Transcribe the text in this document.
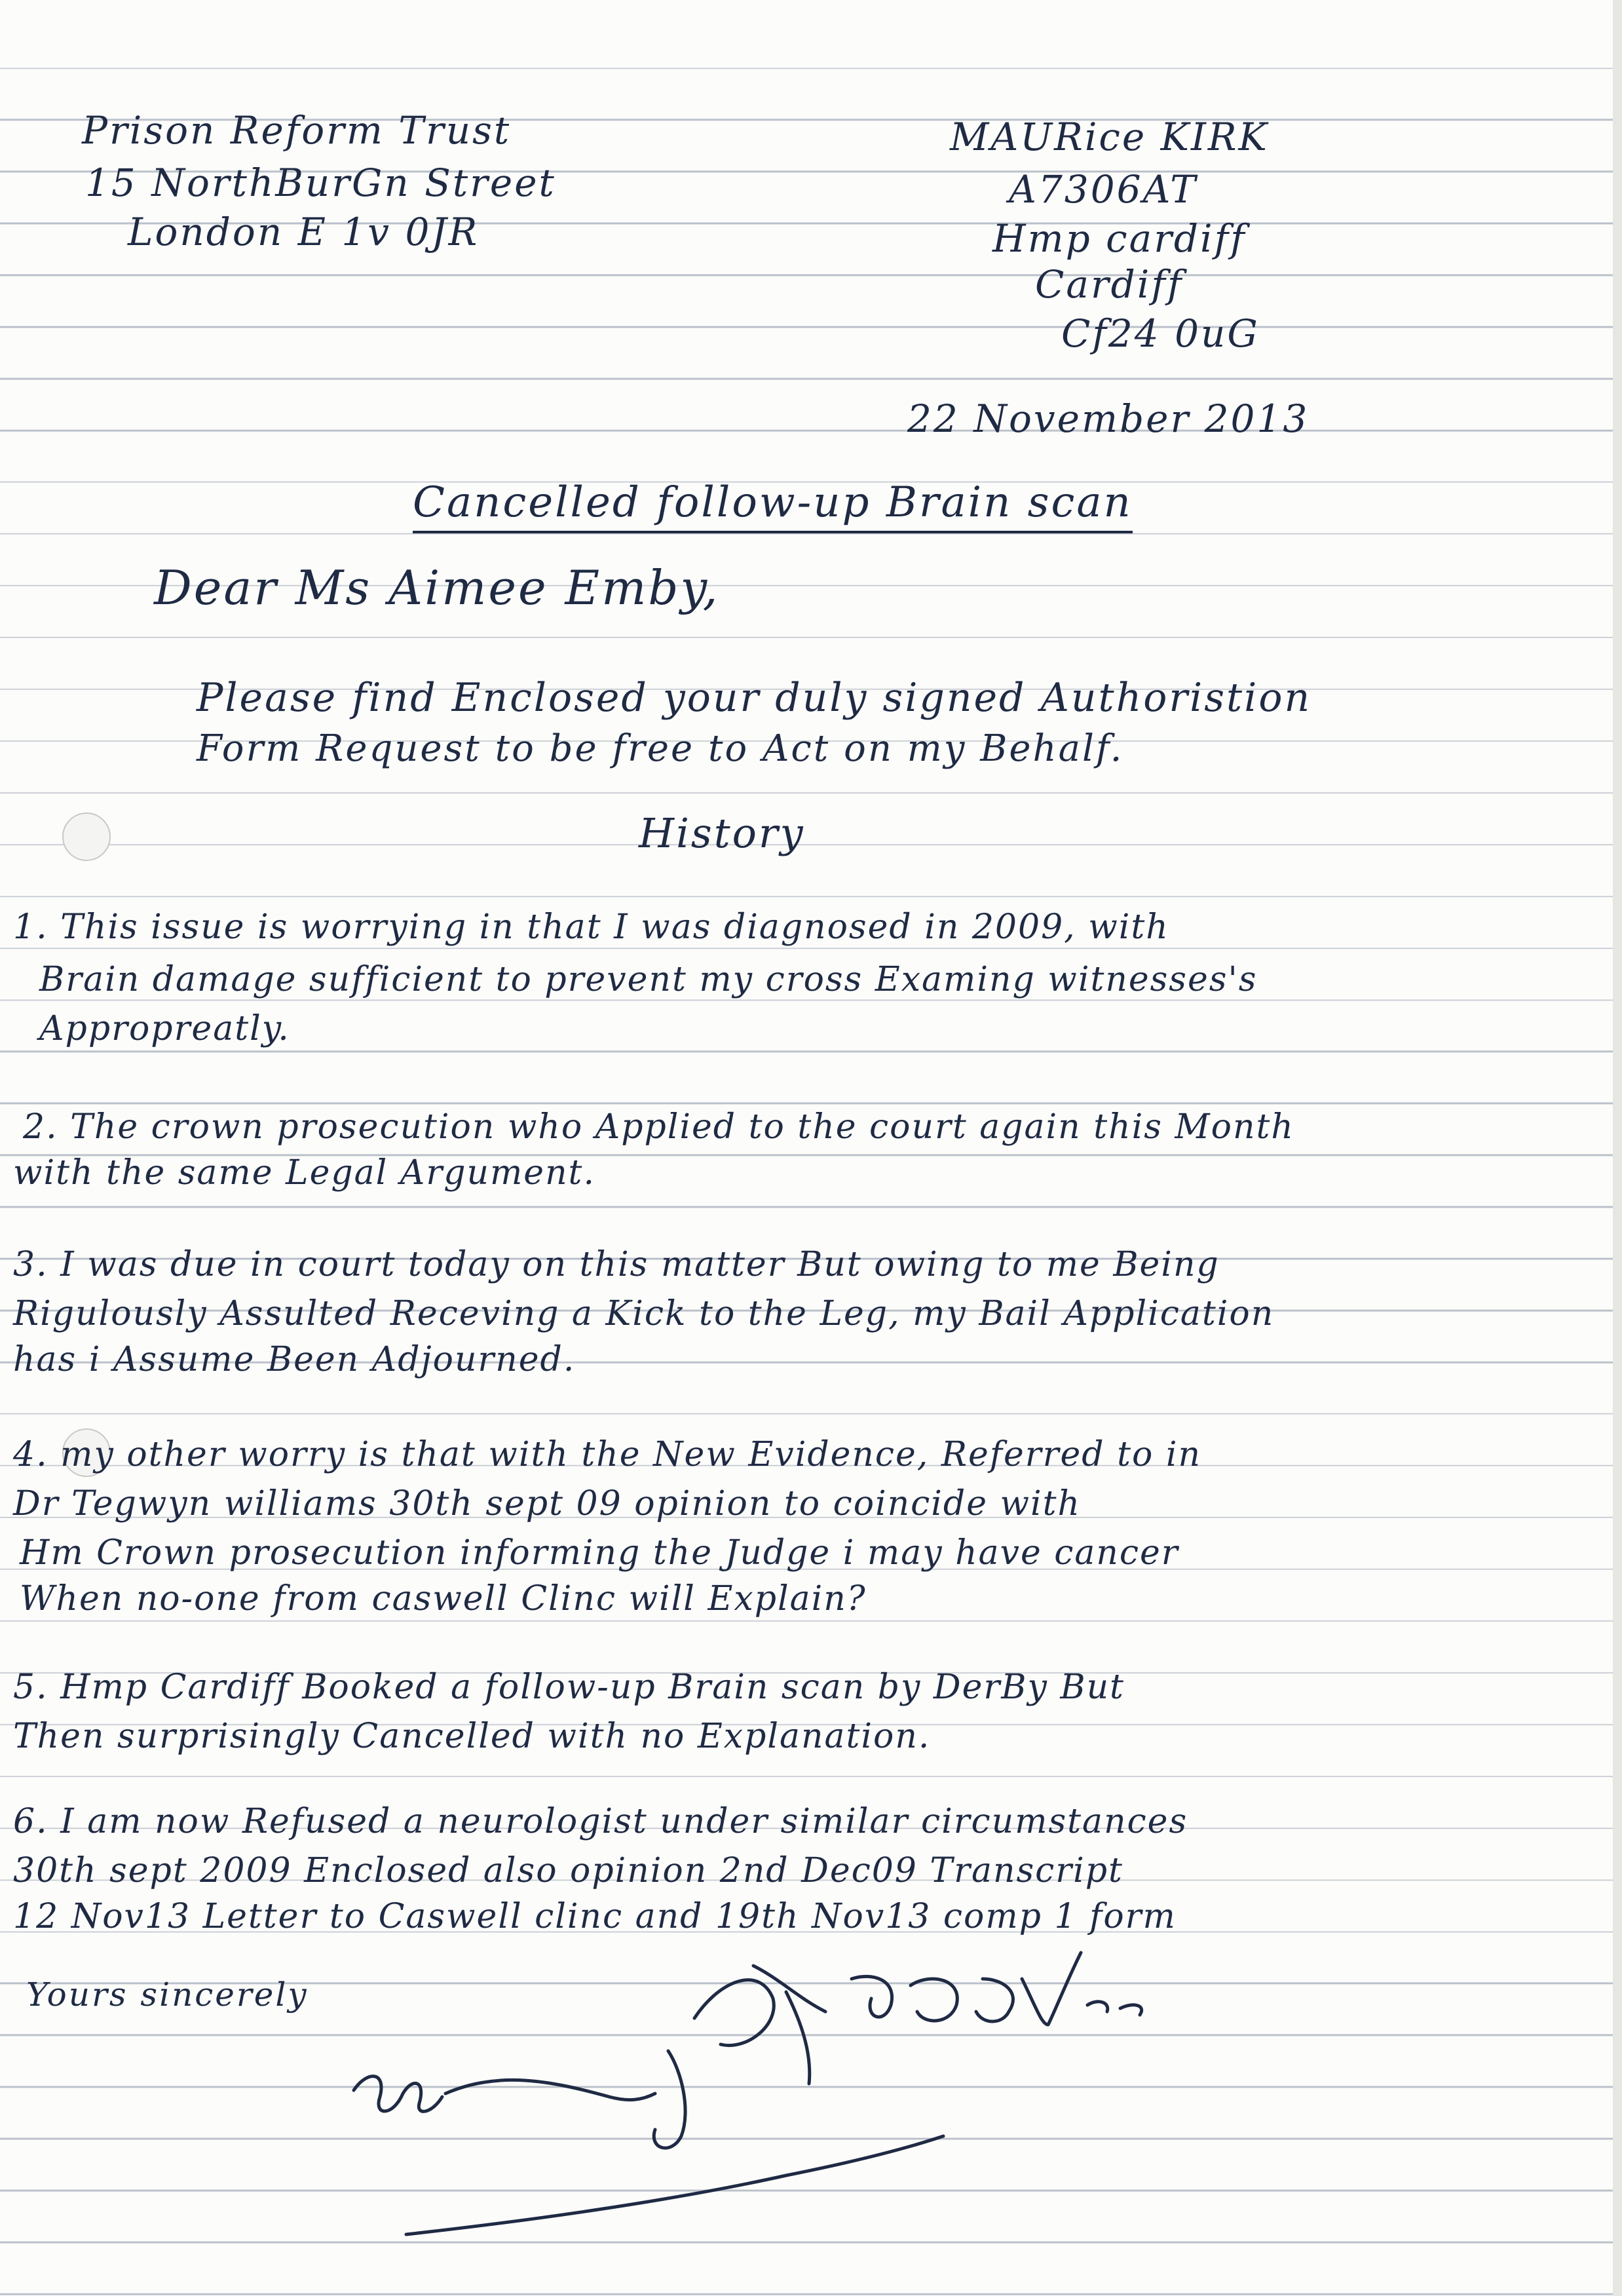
Prison Reform Trust
15 NorthBurGn Street
London E 1v 0JR
MAURice KIRK
A7306AT
Hmp cardiff
Cardiff
Cf24 0uG
22 November 2013
Cancelled follow-up Brain scan
Dear Ms Aimee Emby,
Please find Enclosed your duly signed Authoristion
Form Request to be free to Act on my Behalf.
History
1. This issue is worrying in that I was diagnosed in 2009, with
Brain damage sufficient to prevent my cross Examing witnesses's
Appropreatly.
2. The crown prosecution who Applied to the court again this Month
with the same Legal Argument.
3. I was due in court today on this matter But owing to me Being
Rigulously Assulted Receving a Kick to the Leg, my Bail Application
has i Assume Been Adjourned.
4. my other worry is that with the New Evidence, Referred to in
Dr Tegwyn williams 30th sept 09 opinion to coincide with
Hm Crown prosecution informing the Judge i may have cancer
When no-one from caswell Clinc will Explain?
5. Hmp Cardiff Booked a follow-up Brain scan by DerBy But
Then surprisingly Cancelled with no Explanation.
6. I am now Refused a neurologist under similar circumstances
30th sept 2009 Enclosed also opinion 2nd Dec09 Transcript
12 Nov13 Letter to Caswell clinc and 19th Nov13 comp 1 form
Yours sincerely
